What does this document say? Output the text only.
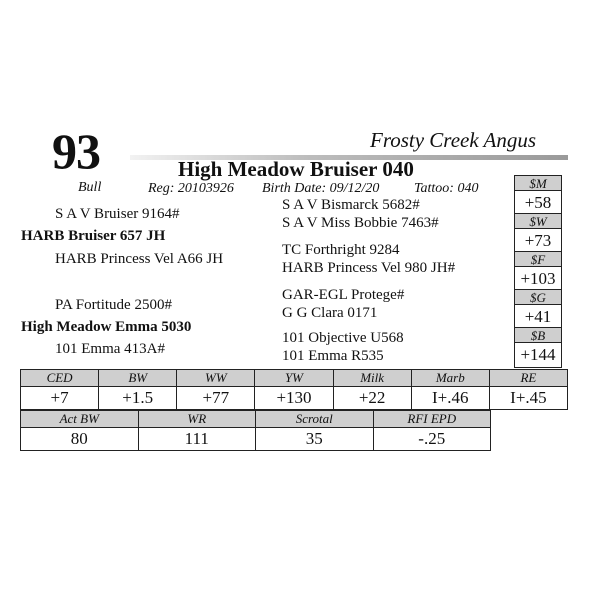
93
Bull
Frosty Creek Angus
High Meadow Bruiser 040
Reg: 20103926 Birth Date: 09/12/20 Tattoo: 040
S A V Bruiser 9164#
HARB Bruiser 657 JH
HARB Princess Vel A66 JH
PA Fortitude 2500#
High Meadow Emma 5030
101 Emma 413A#
S A V Bismarck 5682#
S A V Miss Bobbie 7463#
TC Forthright 9284
HARB Princess Vel 980 JH#
GAR-EGL Protege#
G G Clara 0171
101 Objective U568
101 Emma R535
$M
+58
$W
+73
$F
+103
$G
+41
$B
+144
CED	BW	WW	YW	Milk	Marb	RE
+7	+1.5	+77	+130	+22	I+.46	I+.45
Act BW	WR	Scrotal	RFI EPD
80	111	35	-.25
